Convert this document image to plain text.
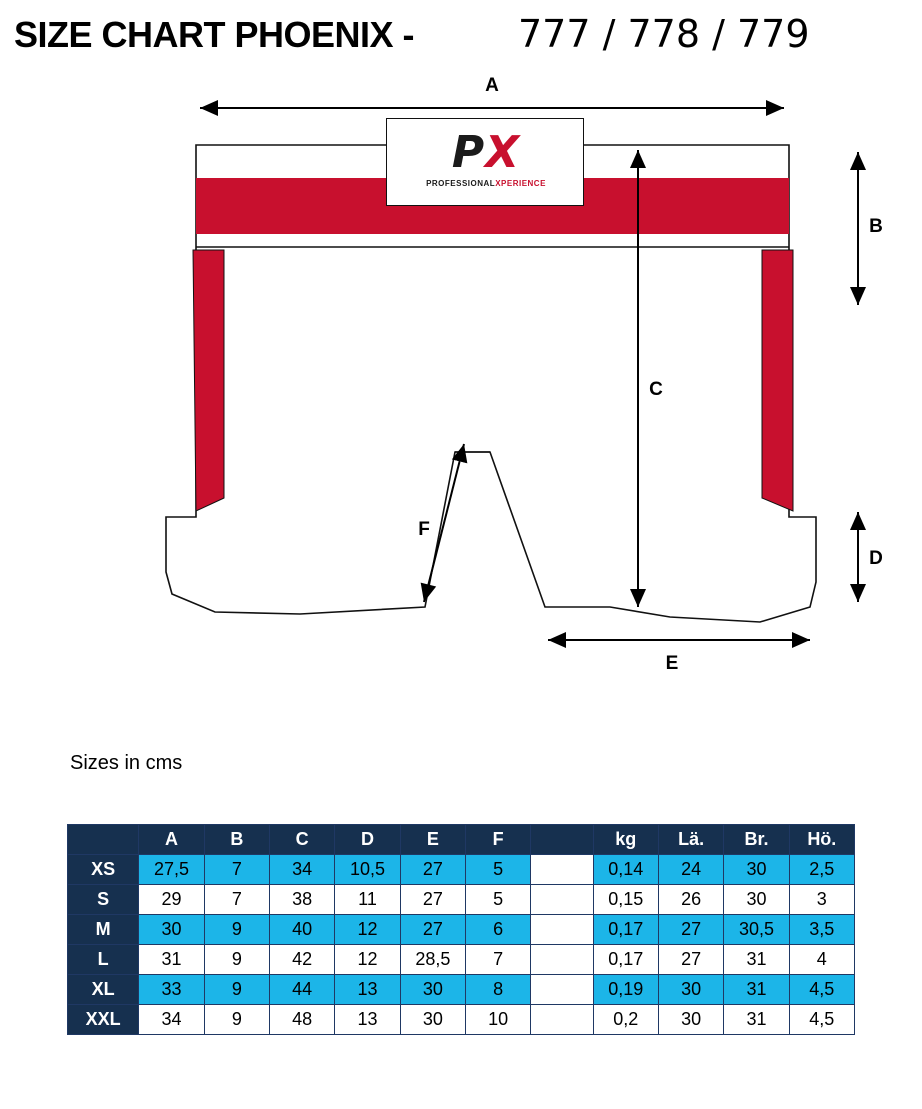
SIZE CHART PHOENIX -	777 / 778 / 779
A
B
C
D
E
F
PX
PROFESSIONALXPERIENCE
Sizes in cms
	A	B	C	D	E	F		kg	Lä.	Br.	Hö.
XS	27,5	7	34	10,5	27	5		0,14	24	30	2,5
S	29	7	38	11	27	5		0,15	26	30	3
M	30	9	40	12	27	6		0,17	27	30,5	3,5
L	31	9	42	12	28,5	7		0,17	27	31	4
XL	33	9	44	13	30	8		0,19	30	31	4,5
XXL	34	9	48	13	30	10		0,2	30	31	4,5
